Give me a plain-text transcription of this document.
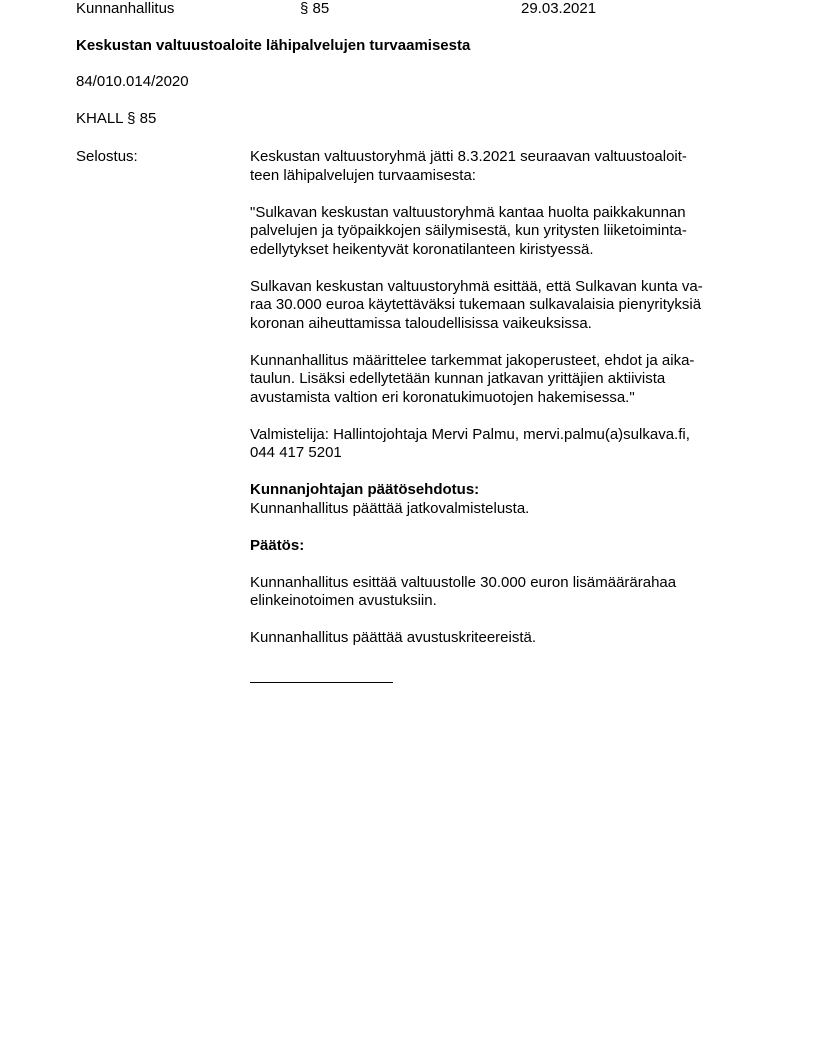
Kunnanhallitus	§ 85	29.03.2021
Keskustan valtuustoaloite lähipalvelujen turvaamisesta
84/010.014/2020
KHALL § 85
Selostus:	Keskustan valtuustoryhmä jätti 8.3.2021 seuraavan valtuustoaloit-
teen lähipalvelujen turvaamisesta:

"Sulkavan keskustan valtuustoryhmä kantaa huolta paikkakunnan
palvelujen ja työpaikkojen säilymisestä, kun yritysten liiketoiminta-
edellytykset heikentyvät koronatilanteen kiristyessä.

Sulkavan keskustan valtuustoryhmä esittää, että Sulkavan kunta va-
raa 30.000 euroa käytettäväksi tukemaan sulkavalaisia pienyrityksiä
koronan aiheuttamissa taloudellisissa vaikeuksissa.

Kunnanhallitus määrittelee tarkemmat jakoperusteet, ehdot ja aika-
taulun. Lisäksi edellytetään kunnan jatkavan yrittäjien aktiivista
avustamista valtion eri koronatukimuotojen hakemisessa."

Valmistelija: Hallintojohtaja Mervi Palmu, mervi.palmu(a)sulkava.fi,
044 417 5201

Kunnanjohtajan päätösehdotus:
Kunnanhallitus päättää jatkovalmistelusta.

Päätös:

Kunnanhallitus esittää valtuustolle 30.000 euron lisämäärärahaa
elinkeinotoimen avustuksiin.

Kunnanhallitus päättää avustuskriteereistä.
